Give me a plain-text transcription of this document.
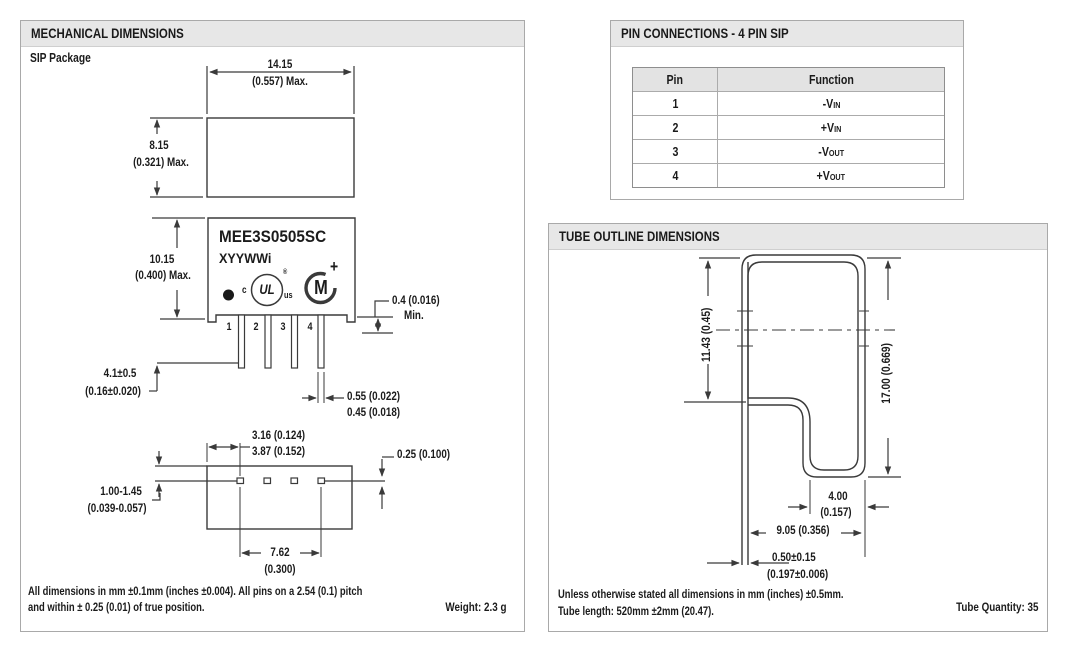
MECHANICAL DIMENSIONS	PIN CONNECTIONS - 4 PIN SIP
TUBE OUTLINE DIMENSIONS
Pin	Function
1	-VIN
2	+VIN
3	-VOUT
4	+VOUT
SIP Package	14.15
(0.557) Max.
8.15
(0.321) Max.
MEE3S0505SC
XYYWWi
c UL
®
us M
+
10.15
(0.400) Max.
0.4 (0.016)
Min.
1 2 3 4
4.1±0.5
(0.16±0.020)	0.55 (0.022)
0.45 (0.018)
3.16 (0.124)
3.87 (0.152)	0.25 (0.100)
1.00-1.45
(0.039-0.057)
7.62
(0.300)
All dimensions in mm ±0.1mm (inches ±0.004). All pins on a 2.54 (0.1) pitch
and within ± 0.25 (0.01) of true position.	Weight: 2.3 g
11.43 (0.45)
17.00 (0.669)
4.00
(0.157)
9.05 (0.356)
0.50±0.15
(0.197±0.006)
Unless otherwise stated all dimensions in mm (inches) ±0.5mm.
Tube length: 520mm ±2mm (20.47).	Tube Quantity: 35
